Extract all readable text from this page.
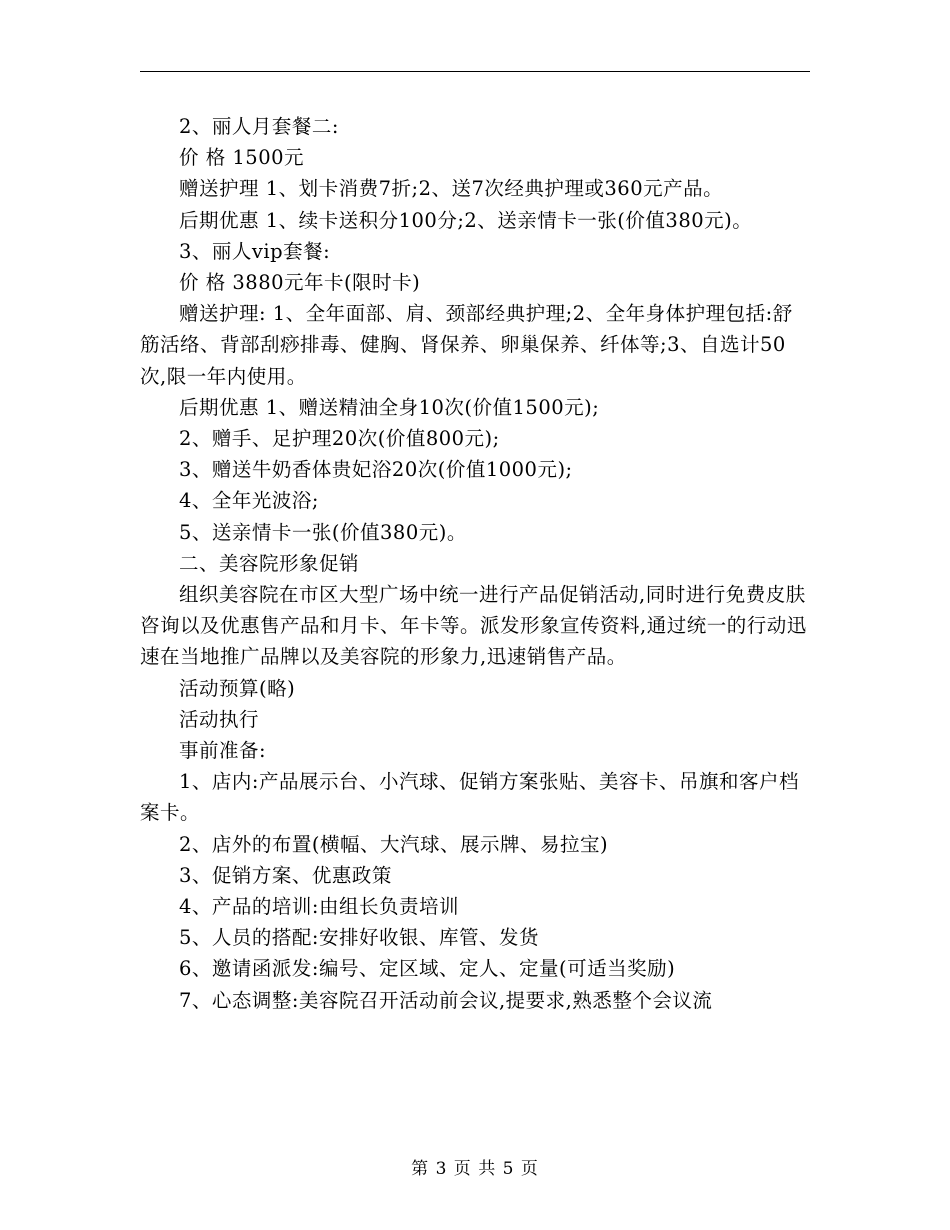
2、丽人月套餐二:

价 格 1500元

赠送护理 1、划卡消费7折;2、送7次经典护理或360元产品。

后期优惠 1、续卡送积分100分;2、送亲情卡一张(价值380元)。

3、丽人vip套餐:

价 格 3880元年卡(限时卡)

赠送护理: 1、全年面部、肩、颈部经典护理;2、全年身体护理包括:舒筋活络、背部刮痧排毒、健胸、肾保养、卵巢保养、纤体等;3、自选计50次,限一年内使用。

后期优惠 1、赠送精油全身10次(价值1500元);

2、赠手、足护理20次(价值800元);

3、赠送牛奶香体贵妃浴20次(价值1000元);

4、全年光波浴;

5、送亲情卡一张(价值380元)。

二、美容院形象促销

组织美容院在市区大型广场中统一进行产品促销活动,同时进行免费皮肤咨询以及优惠售产品和月卡、年卡等。派发形象宣传资料,通过统一的行动迅速在当地推广品牌以及美容院的形象力,迅速销售产品。

活动预算(略)

活动执行

事前准备:

1、店内:产品展示台、小汽球、促销方案张贴、美容卡、吊旗和客户档案卡。

2、店外的布置(横幅、大汽球、展示牌、易拉宝)

3、促销方案、优惠政策

4、产品的培训:由组长负责培训

5、人员的搭配:安排好收银、库管、发货

6、邀请函派发:编号、定区域、定人、定量(可适当奖励)

7、心态调整:美容院召开活动前会议,提要求,熟悉整个会议流

第 3 页 共 5 页
